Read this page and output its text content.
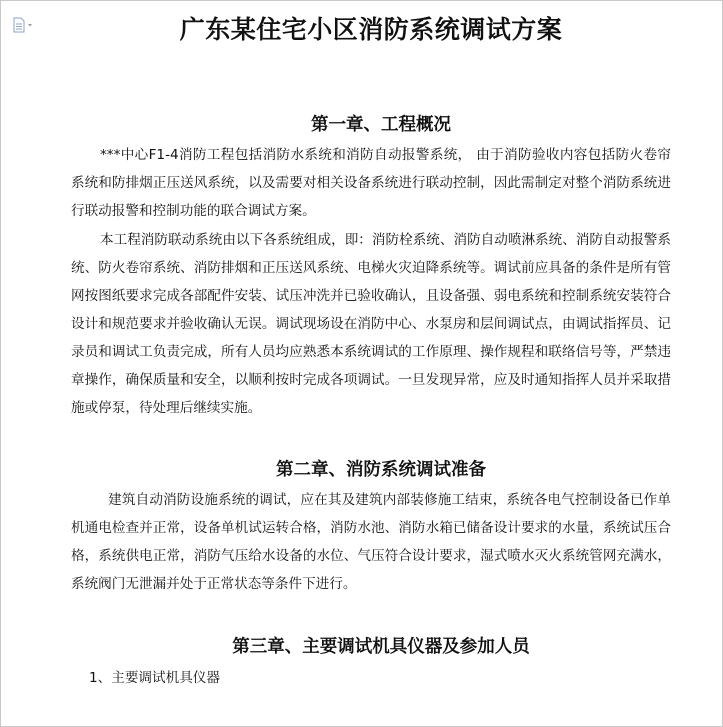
广东某住宅小区消防系统调试方案
第一章、工程概况
***中心F1-4消防工程包括消防水系统和消防自动报警系统， 由于消防验收内容包括防火卷帘系统和防排烟正压送风系统，以及需要对相关设备系统进行联动控制，因此需制定对整个消防系统进行联动报警和控制功能的联合调试方案。
本工程消防联动系统由以下各系统组成，即：消防栓系统、消防自动喷淋系统、消防自动报警系统、防火卷帘系统、消防排烟和正压送风系统、电梯火灾迫降系统等。调试前应具备的条件是所有管网按图纸要求完成各部配件安装、试压冲洗并已验收确认，且设备强、弱电系统和控制系统安装符合设计和规范要求并验收确认无误。调试现场设在消防中心、水泵房和层间调试点，由调试指挥员、记录员和调试工负责完成，所有人员均应熟悉本系统调试的工作原理、操作规程和联络信号等，严禁违章操作，确保质量和安全，以顺利按时完成各项调试。一旦发现异常，应及时通知指挥人员并采取措施或停泵，待处理后继续实施。
第二章、消防系统调试准备
建筑自动消防设施系统的调试，应在其及建筑内部装修施工结束，系统各电气控制设备已作单机通电检查并正常，设备单机试运转合格，消防水池、消防水箱已储备设计要求的水量，系统试压合格，系统供电正常，消防气压给水设备的水位、气压符合设计要求，湿式喷水灭火系统管网充满水，系统阀门无泄漏并处于正常状态等条件下进行。
第三章、主要调试机具仪器及参加人员
1、主要调试机具仪器
